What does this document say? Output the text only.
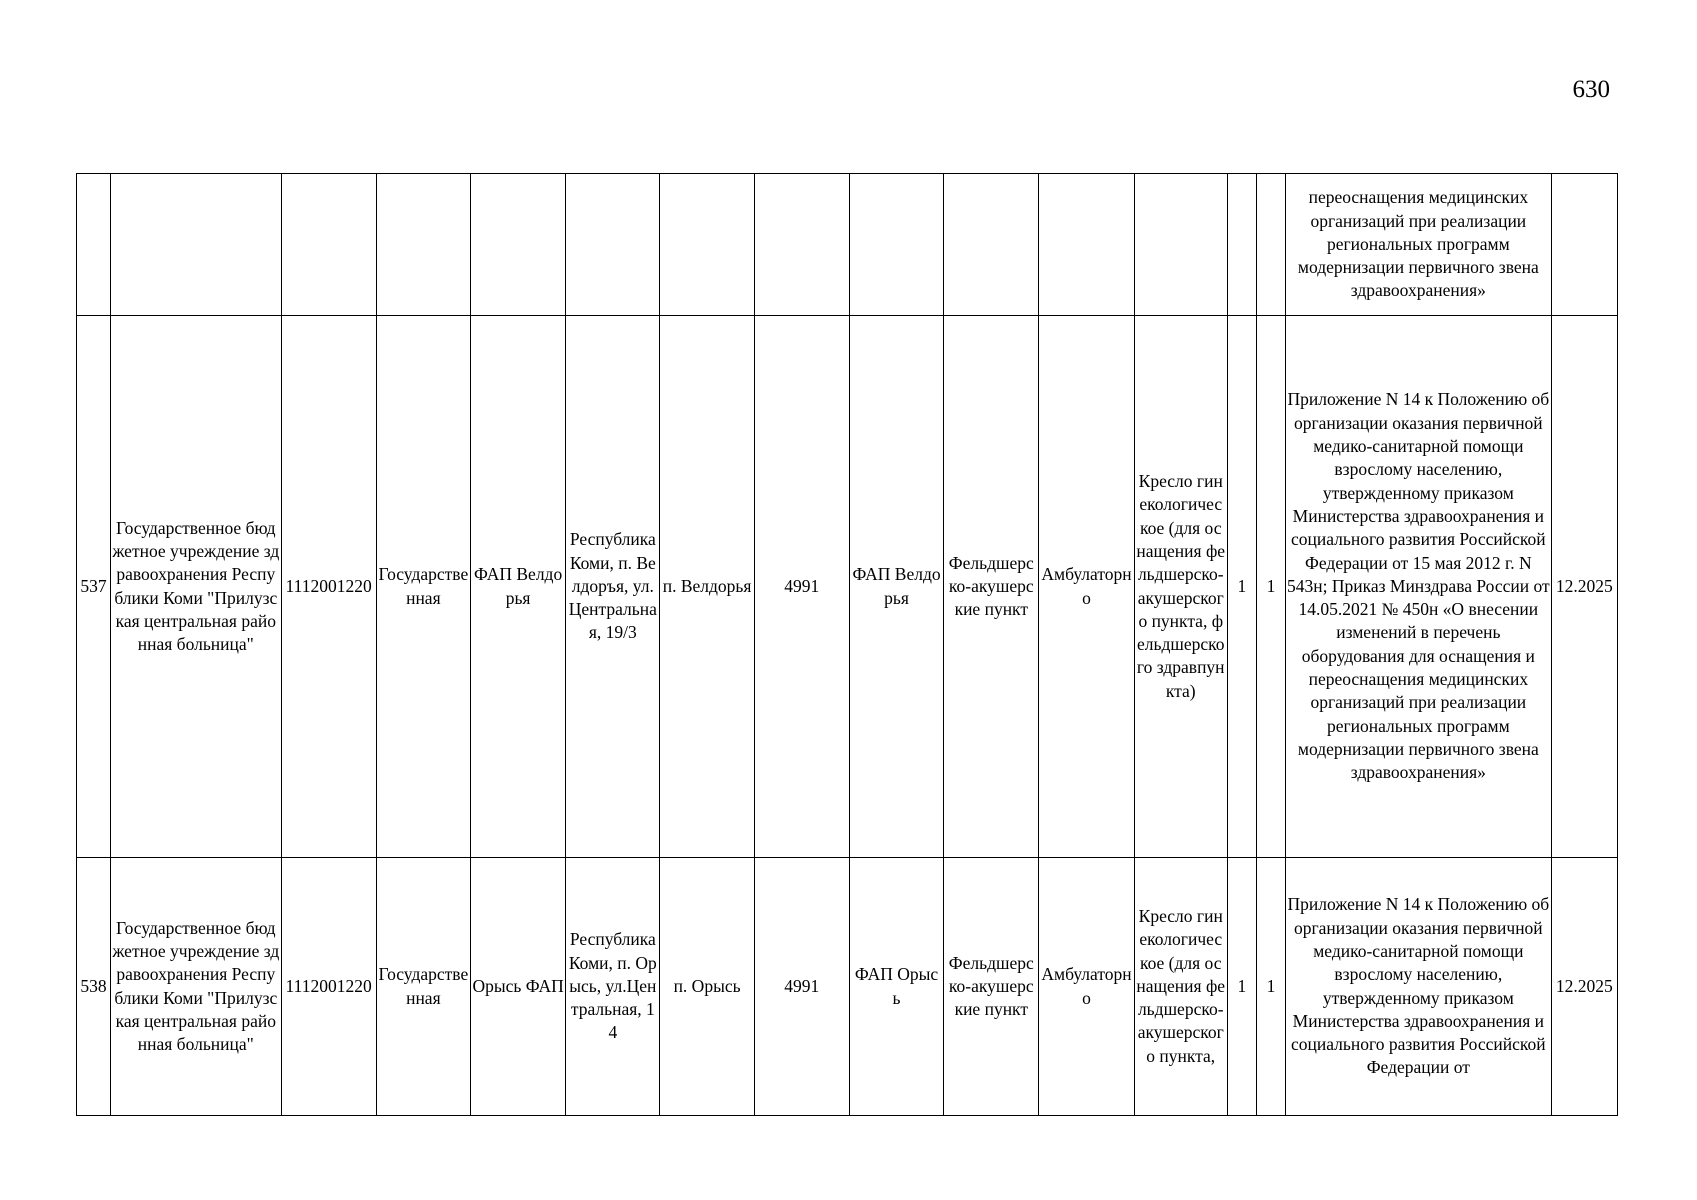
630
														переоснащения медицинских организаций при реализации региональных программ модернизации первичного звена здравоохранения»	
537	Государственное бюджетное учреждение здравоохранения Республики Коми "Прилузская центральная районная больница"	1112001220	Государственная	ФАП Велдорья	Республика Коми, п. Велдоръя, ул.Центральная, 19/3	п. Велдорья	4991	ФАП Велдорья	Фельдшерско-акушерские пункт	Амбулаторно	Кресло гинекологическое (для оснащения фельдшерско-акушерского пункта, фельдшерского здравпункта)	1	1	Приложение N 14 к Положению об организации оказания первичной медико-санитарной помощи взрослому населению, утвержденному приказом Министерства здравоохранения и социального развития Российской Федерации от 15 мая 2012 г. N 543н; Приказ Минздрава России от 14.05.2021 № 450н «О внесении изменений в перечень оборудования для оснащения и переоснащения медицинских организаций при реализации региональных программ модернизации первичного звена здравоохранения»	12.2025
538	Государственное бюджетное учреждение здравоохранения Республики Коми "Прилузская центральная районная больница"	1112001220	Государственная	Орысь ФАП	Республика Коми, п. Орысь, ул.Центральная, 14	п. Орысь	4991	ФАП Орысь	Фельдшерско-акушерские пункт	Амбулаторно	Кресло гинекологическое (для оснащения фельдшерско-акушерского пункта,	1	1	Приложение N 14 к Положению об организации оказания первичной медико-санитарной помощи взрослому населению, утвержденному приказом Министерства здравоохранения и социального развития Российской Федерации от	12.2025
